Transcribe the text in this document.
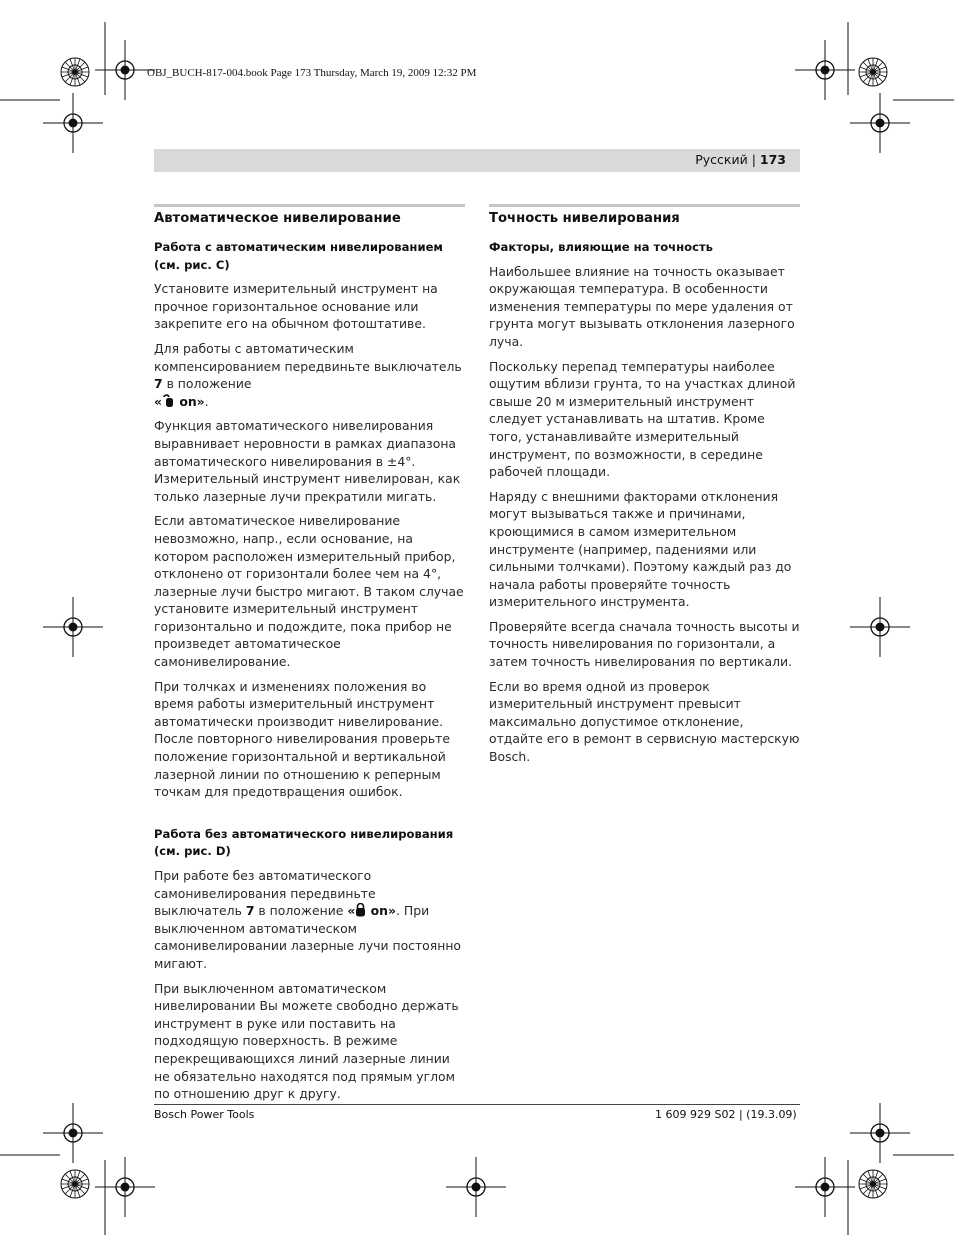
OBJ_BUCH-817-004.book Page 173 Thursday, March 19, 2009 12:32 PM
Русский | 173
Автоматическое нивелирование
Работа с автоматическим нивелированием (см. рис. C)

Установите измерительный инструмент на прочное горизонтальное основание или закрепите его на обычном фотоштативе.

Для работы с автоматическим компенсированием передвиньте выключатель 7 в положение
« on».

Функция автоматического нивелирования выравнивает неровности в рамках диапазона автоматического нивелирования в ±4°. Измерительный инструмент нивелирован, как только лазерные лучи прекратили мигать.

Если автоматическое нивелирование невозможно, напр., если основание, на котором расположен измерительный прибор, отклонено от горизонтали более чем на 4°, лазерные лучи быстро мигают. В таком случае установите измерительный инструмент горизонтально и подождите, пока прибор не произведет автоматическое самонивелирование.

При толчках и изменениях положения во время работы измерительный инструмент автоматически производит нивелирование. После повторного нивелирования проверьте положение горизонтальной и вертикальной лазерной линии по отношению к реперным точкам для предотвращения ошибок.

Работа без автоматического нивелирования (см. рис. D)

При работе без автоматического самонивелирования передвиньте выключатель 7 в положение « on». При выключенном автоматическом самонивелировании лазерные лучи постоянно мигают.

При выключенном автоматическом нивелировании Вы можете свободно держать инструмент в руке или поставить на подходящую поверхность. В режиме перекрещивающихся линий лазерные линии не обязательно находятся под прямым углом по отношению друг к другу.

Точность нивелирования
Факторы, влияющие на точность

Наибольшее влияние на точность оказывает окружающая температура. В особенности изменения температуры по мере удаления от грунта могут вызывать отклонения лазерного луча.

Поскольку перепад температуры наиболее ощутим вблизи грунта, то на участках длиной свыше 20 м измерительный инструмент следует устанавливать на штатив. Кроме того, устанавливайте измерительный инструмент, по возможности, в середине рабочей площади.

Наряду с внешними факторами отклонения могут вызываться также и причинами, кроющимися в самом измерительном инструменте (например, падениями или сильными толчками). Поэтому каждый раз до начала работы проверяйте точность измерительного инструмента.

Проверяйте всегда сначала точность высоты и точность нивелирования по горизонтали, а затем точность нивелирования по вертикали.

Если во время одной из проверок измерительный инструмент превысит максимально допустимое отклонение, отдайте его в ремонт в сервисную мастерскую Bosch.

Bosch Power Tools	1 609 929 S02 | (19.3.09)
